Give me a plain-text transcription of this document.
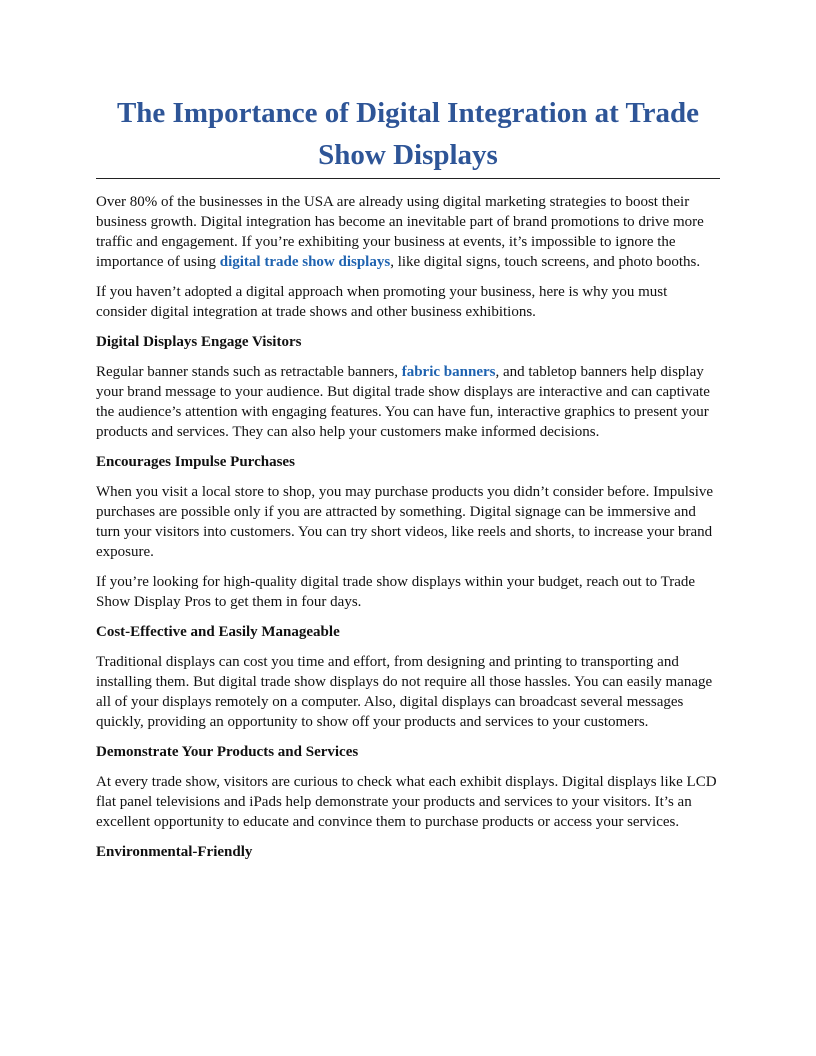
The Importance of Digital Integration at Trade Show Displays

Over 80% of the businesses in the USA are already using digital marketing strategies to boost their business growth. Digital integration has become an inevitable part of brand promotions to drive more traffic and engagement. If you’re exhibiting your business at events, it’s impossible to ignore the importance of using digital trade show displays, like digital signs, touch screens, and photo booths.

If you haven’t adopted a digital approach when promoting your business, here is why you must consider digital integration at trade shows and other business exhibitions.

Digital Displays Engage Visitors

Regular banner stands such as retractable banners, fabric banners, and tabletop banners help display your brand message to your audience. But digital trade show displays are interactive and can captivate the audience’s attention with engaging features. You can have fun, interactive graphics to present your products and services. They can also help your customers make informed decisions.

Encourages Impulse Purchases

When you visit a local store to shop, you may purchase products you didn’t consider before. Impulsive purchases are possible only if you are attracted by something. Digital signage can be immersive and turn your visitors into customers. You can try short videos, like reels and shorts, to increase your brand exposure.

If you’re looking for high-quality digital trade show displays within your budget, reach out to Trade Show Display Pros to get them in four days.

Cost-Effective and Easily Manageable

Traditional displays can cost you time and effort, from designing and printing to transporting and installing them. But digital trade show displays do not require all those hassles. You can easily manage all of your displays remotely on a computer. Also, digital displays can broadcast several messages quickly, providing an opportunity to show off your products and services to your customers.

Demonstrate Your Products and Services

At every trade show, visitors are curious to check what each exhibit displays. Digital displays like LCD flat panel televisions and iPads help demonstrate your products and services to your visitors. It’s an excellent opportunity to educate and convince them to purchase products or access your services.

Environmental-Friendly
